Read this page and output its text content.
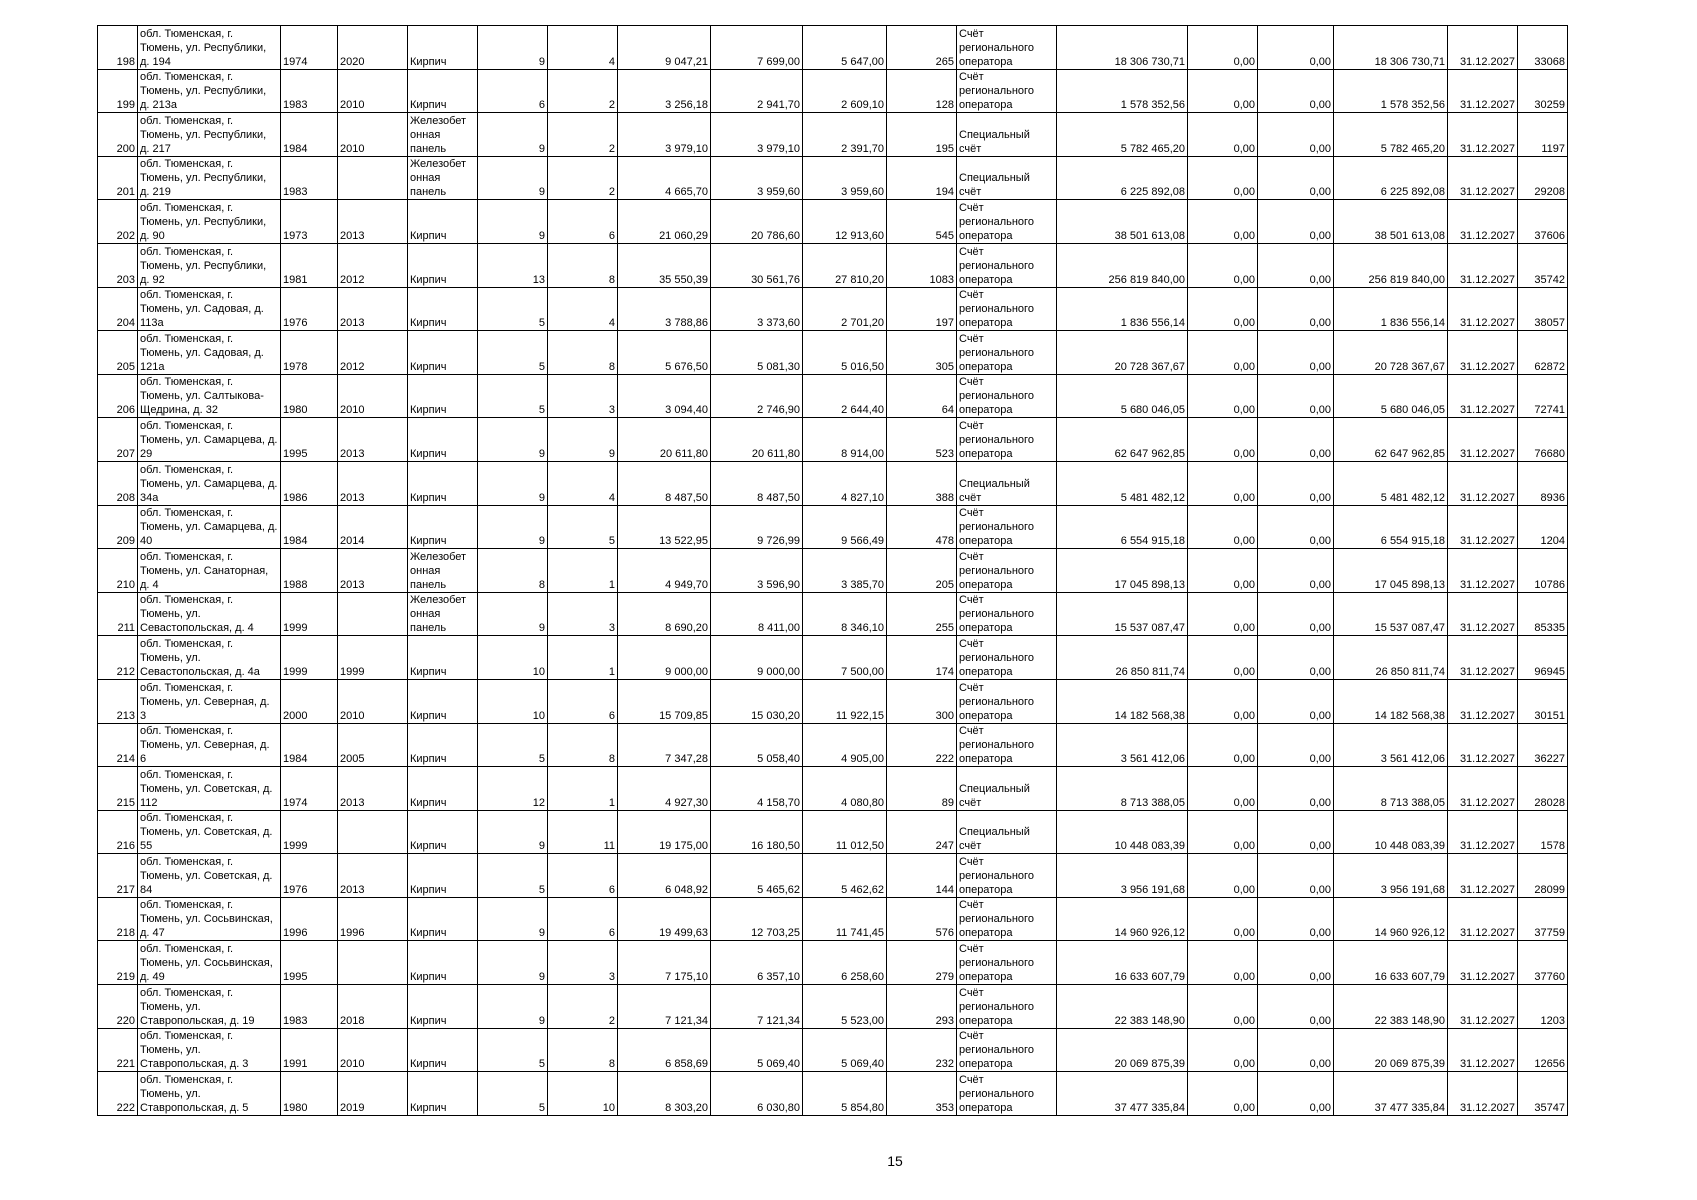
198	обл. Тюменская, г. Тюмень, ул. Республики, д. 194	1974	2020	Кирпич	9	4	9 047,21	7 699,00	5 647,00	265	Счёт регионального оператора	18 306 730,71	0,00	0,00	18 306 730,71	31.12.2027	33068
199	обл. Тюменская, г. Тюмень, ул. Республики, д. 213а	1983	2010	Кирпич	6	2	3 256,18	2 941,70	2 609,10	128	Счёт регионального оператора	1 578 352,56	0,00	0,00	1 578 352,56	31.12.2027	30259
200	обл. Тюменская, г. Тюмень, ул. Республики, д. 217	1984	2010	Железобет онная панель	9	2	3 979,10	3 979,10	2 391,70	195	Специальный счёт	5 782 465,20	0,00	0,00	5 782 465,20	31.12.2027	1197
201	обл. Тюменская, г. Тюмень, ул. Республики, д. 219	1983		Железобет онная панель	9	2	4 665,70	3 959,60	3 959,60	194	Специальный счёт	6 225 892,08	0,00	0,00	6 225 892,08	31.12.2027	29208
202	обл. Тюменская, г. Тюмень, ул. Республики, д. 90	1973	2013	Кирпич	9	6	21 060,29	20 786,60	12 913,60	545	Счёт регионального оператора	38 501 613,08	0,00	0,00	38 501 613,08	31.12.2027	37606
203	обл. Тюменская, г. Тюмень, ул. Республики, д. 92	1981	2012	Кирпич	13	8	35 550,39	30 561,76	27 810,20	1083	Счёт регионального оператора	256 819 840,00	0,00	0,00	256 819 840,00	31.12.2027	35742
204	обл. Тюменская, г. Тюмень, ул. Садовая, д. 113а	1976	2013	Кирпич	5	4	3 788,86	3 373,60	2 701,20	197	Счёт регионального оператора	1 836 556,14	0,00	0,00	1 836 556,14	31.12.2027	38057
205	обл. Тюменская, г. Тюмень, ул. Садовая, д. 121а	1978	2012	Кирпич	5	8	5 676,50	5 081,30	5 016,50	305	Счёт регионального оператора	20 728 367,67	0,00	0,00	20 728 367,67	31.12.2027	62872
206	обл. Тюменская, г. Тюмень, ул. Салтыкова-Щедрина, д. 32	1980	2010	Кирпич	5	3	3 094,40	2 746,90	2 644,40	64	Счёт регионального оператора	5 680 046,05	0,00	0,00	5 680 046,05	31.12.2027	72741
207	обл. Тюменская, г. Тюмень, ул. Самарцева, д. 29	1995	2013	Кирпич	9	9	20 611,80	20 611,80	8 914,00	523	Счёт регионального оператора	62 647 962,85	0,00	0,00	62 647 962,85	31.12.2027	76680
208	обл. Тюменская, г. Тюмень, ул. Самарцева, д. 34а	1986	2013	Кирпич	9	4	8 487,50	8 487,50	4 827,10	388	Специальный счёт	5 481 482,12	0,00	0,00	5 481 482,12	31.12.2027	8936
209	обл. Тюменская, г. Тюмень, ул. Самарцева, д. 40	1984	2014	Кирпич	9	5	13 522,95	9 726,99	9 566,49	478	Счёт регионального оператора	6 554 915,18	0,00	0,00	6 554 915,18	31.12.2027	1204
210	обл. Тюменская, г. Тюмень, ул. Санаторная, д. 4	1988	2013	Железобет онная панель	8	1	4 949,70	3 596,90	3 385,70	205	Счёт регионального оператора	17 045 898,13	0,00	0,00	17 045 898,13	31.12.2027	10786
211	обл. Тюменская, г. Тюмень, ул. Севастопольская, д. 4	1999		Железобет онная панель	9	3	8 690,20	8 411,00	8 346,10	255	Счёт регионального оператора	15 537 087,47	0,00	0,00	15 537 087,47	31.12.2027	85335
212	обл. Тюменская, г. Тюмень, ул. Севастопольская, д. 4а	1999	1999	Кирпич	10	1	9 000,00	9 000,00	7 500,00	174	Счёт регионального оператора	26 850 811,74	0,00	0,00	26 850 811,74	31.12.2027	96945
213	обл. Тюменская, г. Тюмень, ул. Северная, д. 3	2000	2010	Кирпич	10	6	15 709,85	15 030,20	11 922,15	300	Счёт регионального оператора	14 182 568,38	0,00	0,00	14 182 568,38	31.12.2027	30151
214	обл. Тюменская, г. Тюмень, ул. Северная, д. 6	1984	2005	Кирпич	5	8	7 347,28	5 058,40	4 905,00	222	Счёт регионального оператора	3 561 412,06	0,00	0,00	3 561 412,06	31.12.2027	36227
215	обл. Тюменская, г. Тюмень, ул. Советская, д. 112	1974	2013	Кирпич	12	1	4 927,30	4 158,70	4 080,80	89	Специальный счёт	8 713 388,05	0,00	0,00	8 713 388,05	31.12.2027	28028
216	обл. Тюменская, г. Тюмень, ул. Советская, д. 55	1999		Кирпич	9	11	19 175,00	16 180,50	11 012,50	247	Специальный счёт	10 448 083,39	0,00	0,00	10 448 083,39	31.12.2027	1578
217	обл. Тюменская, г. Тюмень, ул. Советская, д. 84	1976	2013	Кирпич	5	6	6 048,92	5 465,62	5 462,62	144	Счёт регионального оператора	3 956 191,68	0,00	0,00	3 956 191,68	31.12.2027	28099
218	обл. Тюменская, г. Тюмень, ул. Сосьвинская, д. 47	1996	1996	Кирпич	9	6	19 499,63	12 703,25	11 741,45	576	Счёт регионального оператора	14 960 926,12	0,00	0,00	14 960 926,12	31.12.2027	37759
219	обл. Тюменская, г. Тюмень, ул. Сосьвинская, д. 49	1995		Кирпич	9	3	7 175,10	6 357,10	6 258,60	279	Счёт регионального оператора	16 633 607,79	0,00	0,00	16 633 607,79	31.12.2027	37760
220	обл. Тюменская, г. Тюмень, ул. Ставропольская, д. 19	1983	2018	Кирпич	9	2	7 121,34	7 121,34	5 523,00	293	Счёт регионального оператора	22 383 148,90	0,00	0,00	22 383 148,90	31.12.2027	1203
221	обл. Тюменская, г. Тюмень, ул. Ставропольская, д. 3	1991	2010	Кирпич	5	8	6 858,69	5 069,40	5 069,40	232	Счёт регионального оператора	20 069 875,39	0,00	0,00	20 069 875,39	31.12.2027	12656
222	обл. Тюменская, г. Тюмень, ул. Ставропольская, д. 5	1980	2019	Кирпич	5	10	8 303,20	6 030,80	5 854,80	353	Счёт регионального оператора	37 477 335,84	0,00	0,00	37 477 335,84	31.12.2027	35747
15
